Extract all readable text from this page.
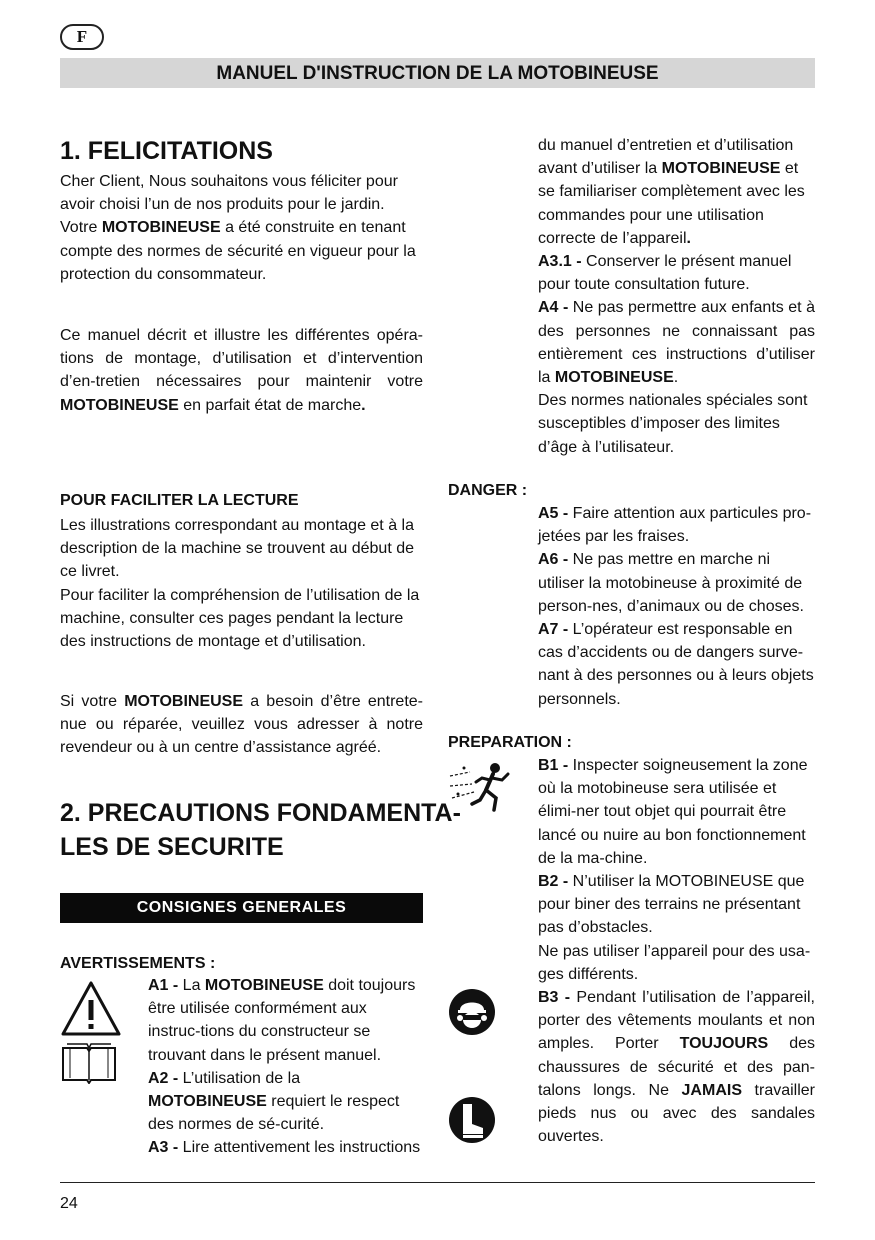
F
MANUEL D'INSTRUCTION DE LA MOTOBINEUSE
1. FELICITATIONS

Cher Client, Nous souhaitons vous féliciter pour avoir choisi l’un de nos produits pour le jardin.

Votre MOTOBINEUSE a été construite en tenant compte des normes de sécurité en vigueur pour la protection du consommateur.

Ce manuel décrit et illustre les différentes opéra-tions de montage, d’utilisation et d’intervention d’en-tretien nécessaires pour maintenir votre MOTOBINEUSE en parfait état de marche.
POUR FACILITER LA LECTURE

Les illustrations correspondant au montage et à la description de la machine se trouvent au début de ce livret.

Pour faciliter la compréhension de l’utilisation de la machine, consulter ces pages pendant la lecture des instructions de montage et d’utilisation.

Si votre MOTOBINEUSE a besoin d’être entrete-nue ou réparée, veuillez vous adresser à notre revendeur ou à un centre d’assistance agréé.
2. PRECAUTIONS FONDAMENTA-
LES DE SECURITE
CONSIGNES GENERALES
AVERTISSEMENTS :

A1 - La MOTOBINEUSE doit toujours être utilisée conformément aux instruc-tions du constructeur se trouvant dans le présent manuel.

A2 - L’utilisation de la MOTOBINEUSE requiert le respect des normes de sé-curité.

A3 - Lire attentivement les instructions

du manuel d’entretien et d’utilisation avant d’utiliser la MOTOBINEUSE et se familiariser complètement avec les commandes pour une utilisation correcte de l’appareil.

A3.1 - Conserver le présent manuel pour toute consultation future.

A4 - Ne pas permettre aux enfants et à des personnes ne connaissant pas entièrement ces instructions d’utiliser la MOTOBINEUSE.

Des normes nationales spéciales sont susceptibles d’imposer des limites d’âge à l’utilisateur.

DANGER :

A5 - Faire attention aux particules pro-jetées par les fraises.

A6 - Ne pas mettre en marche ni utiliser la motobineuse à proximité de person-nes, d’animaux ou de choses.

A7 - L’opérateur est responsable en cas d’accidents ou de dangers surve-nant à des personnes ou à leurs objets personnels.

PREPARATION :

B1 - Inspecter soigneusement la zone où la motobineuse sera utilisée et élimi-ner tout objet qui pourrait être lancé ou nuire au bon fonctionnement de la ma-chine.

B2 - N’utiliser la MOTOBINEUSE que pour biner des terrains ne présentant pas d’obstacles.

Ne pas utiliser l’appareil pour des usa-ges différents.

B3 - Pendant l’utilisation de l’appareil, porter des vêtements moulants et non amples. Porter TOUJOURS des chaussures de sécurité et des pan-talons longs. Ne JAMAIS travailler pieds nus ou avec des sandales ouvertes.

24
